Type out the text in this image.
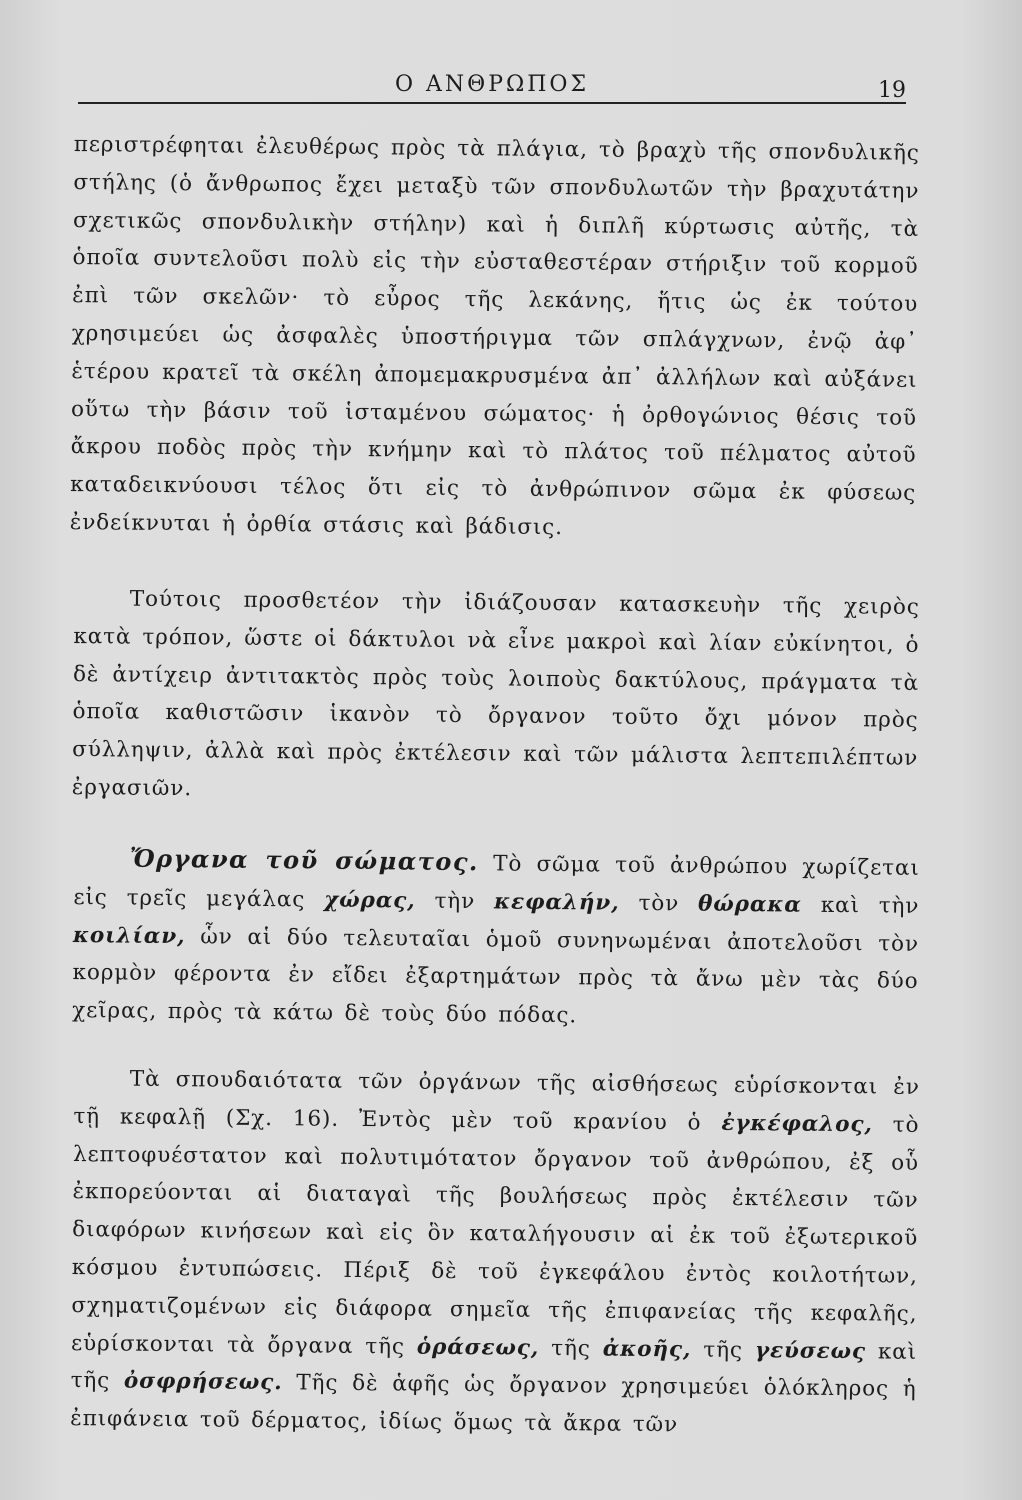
Ο ΑΝΘΡΩΠΟΣ	19

περιστρέφηται ἐλευθέρως πρὸς τὰ πλάγια, τὸ βραχὺ τῆς σπονδυλικῆς στήλης (ὁ ἄνθρωπος ἔχει μεταξὺ τῶν σπονδυλωτῶν τὴν βραχυτάτην σχετικῶς σπονδυλικὴν στήλην) καὶ ἡ διπλῆ κύρτωσις αὐτῆς, τὰ ὁποῖα συντελοῦσι πολὺ εἰς τὴν εὐσταθεστέραν στήριξιν τοῦ κορμοῦ ἐπὶ τῶν σκελῶν· τὸ εὖρος τῆς λεκάνης, ἥτις ὡς ἐκ τούτου χρησιμεύει ὡς ἀσφαλὲς ὑποστήριγμα τῶν σπλάγχνων, ἐνῷ ἀφ᾽ ἑτέρου κρατεῖ τὰ σκέλη ἀπομεμακρυσμένα ἀπ᾽ ἀλλήλων καὶ αὐξάνει οὕτω τὴν βάσιν τοῦ ἱσταμένου σώματος· ἡ ὀρθογώνιος θέσις τοῦ ἄκρου ποδὸς πρὸς τὴν κνήμην καὶ τὸ πλάτος τοῦ πέλματος αὐτοῦ καταδεικνύουσι τέλος ὅτι εἰς τὸ ἀνθρώπινον σῶμα ἐκ φύσεως ἐνδείκνυται ἡ ὀρθία στάσις καὶ βάδισις.

Τούτοις προσθετέον τὴν ἰδιάζουσαν κατασκευὴν τῆς χειρὸς κατὰ τρόπον, ὥστε οἱ δάκτυλοι νὰ εἶνε μακροὶ καὶ λίαν εὐκίνητοι, ὁ δὲ ἀντίχειρ ἀντιτακτὸς πρὸς τοὺς λοιποὺς δακτύλους, πράγματα τὰ ὁποῖα καθιστῶσιν ἱκανὸν τὸ ὄργανον τοῦτο ὄχι μόνον πρὸς σύλληψιν, ἀλλὰ καὶ πρὸς ἐκτέλεσιν καὶ τῶν μάλιστα λεπτεπιλέπτων ἐργασιῶν.

Ὄργανα τοῦ σώματος. Τὸ σῶμα τοῦ ἀνθρώπου χωρίζεται εἰς τρεῖς μεγάλας χώρας, τὴν κεφαλήν, τὸν θώρακα καὶ τὴν κοιλίαν, ὧν αἱ δύο τελευταῖαι ὁμοῦ συνηνωμέναι ἀποτελοῦσι τὸν κορμὸν φέροντα ἐν εἴδει ἐξαρτημάτων πρὸς τὰ ἄνω μὲν τὰς δύο χεῖρας, πρὸς τὰ κάτω δὲ τοὺς δύο πόδας.

Τὰ σπουδαιότατα τῶν ὀργάνων τῆς αἰσθήσεως εὑρίσκονται ἐν τῇ κεφαλῇ (Σχ. 16). Ἐντὸς μὲν τοῦ κρανίου ὁ ἐγκέφαλος, τὸ λεπτοφυέστατον καὶ πολυτιμότατον ὄργανον τοῦ ἀνθρώπου, ἐξ οὗ ἐκπορεύονται αἱ διαταγαὶ τῆς βουλήσεως πρὸς ἐκτέλεσιν τῶν διαφόρων κινήσεων καὶ εἰς ὃν καταλήγουσιν αἱ ἐκ τοῦ ἐξωτερικοῦ κόσμου ἐντυπώσεις. Πέριξ δὲ τοῦ ἐγκεφάλου ἐντὸς κοιλοτήτων, σχηματιζομένων εἰς διάφορα σημεῖα τῆς ἐπιφανείας τῆς κεφαλῆς, εὑρίσκονται τὰ ὄργανα τῆς ὁράσεως, τῆς ἀκοῆς, τῆς γεύσεως καὶ τῆς ὀσφρήσεως. Τῆς δὲ ἁφῆς ὡς ὄργανον χρησιμεύει ὁλόκληρος ἡ ἐπιφάνεια τοῦ δέρματος, ἰδίως ὅμως τὰ ἄκρα τῶν
